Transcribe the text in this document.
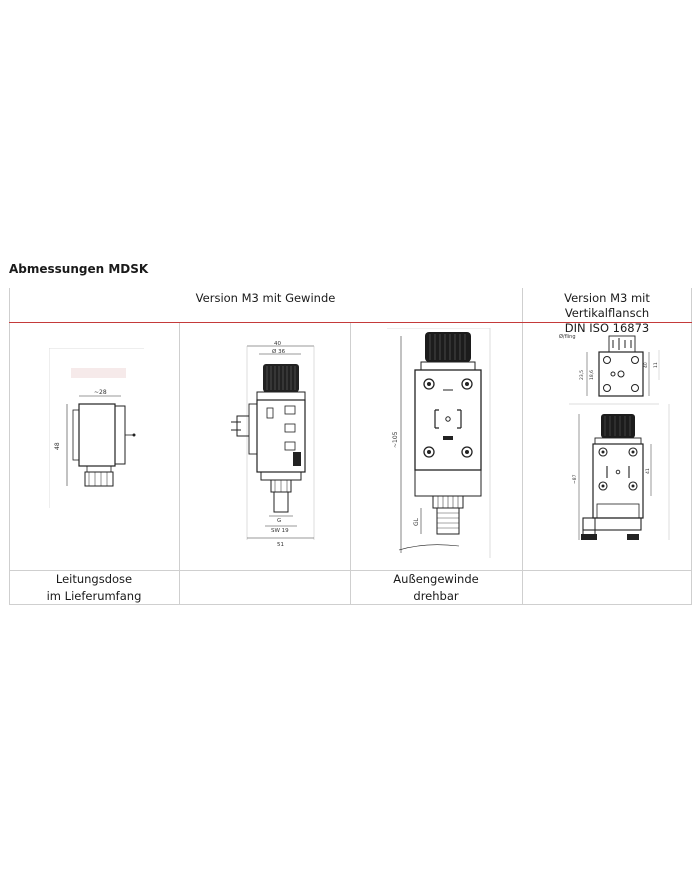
Abmessungen MDSK
Version M3 mit Gewinde	Version M3 mit Vertikalflansch
DIN ISO 16873
Leitungsdose
im Lieferumfang
Außengewinde
drehbar
~28
48
40
Ø 36
G
SW 19
51
~105
GL
Ø/fling
23,5 18,6
40 11
41
~87
